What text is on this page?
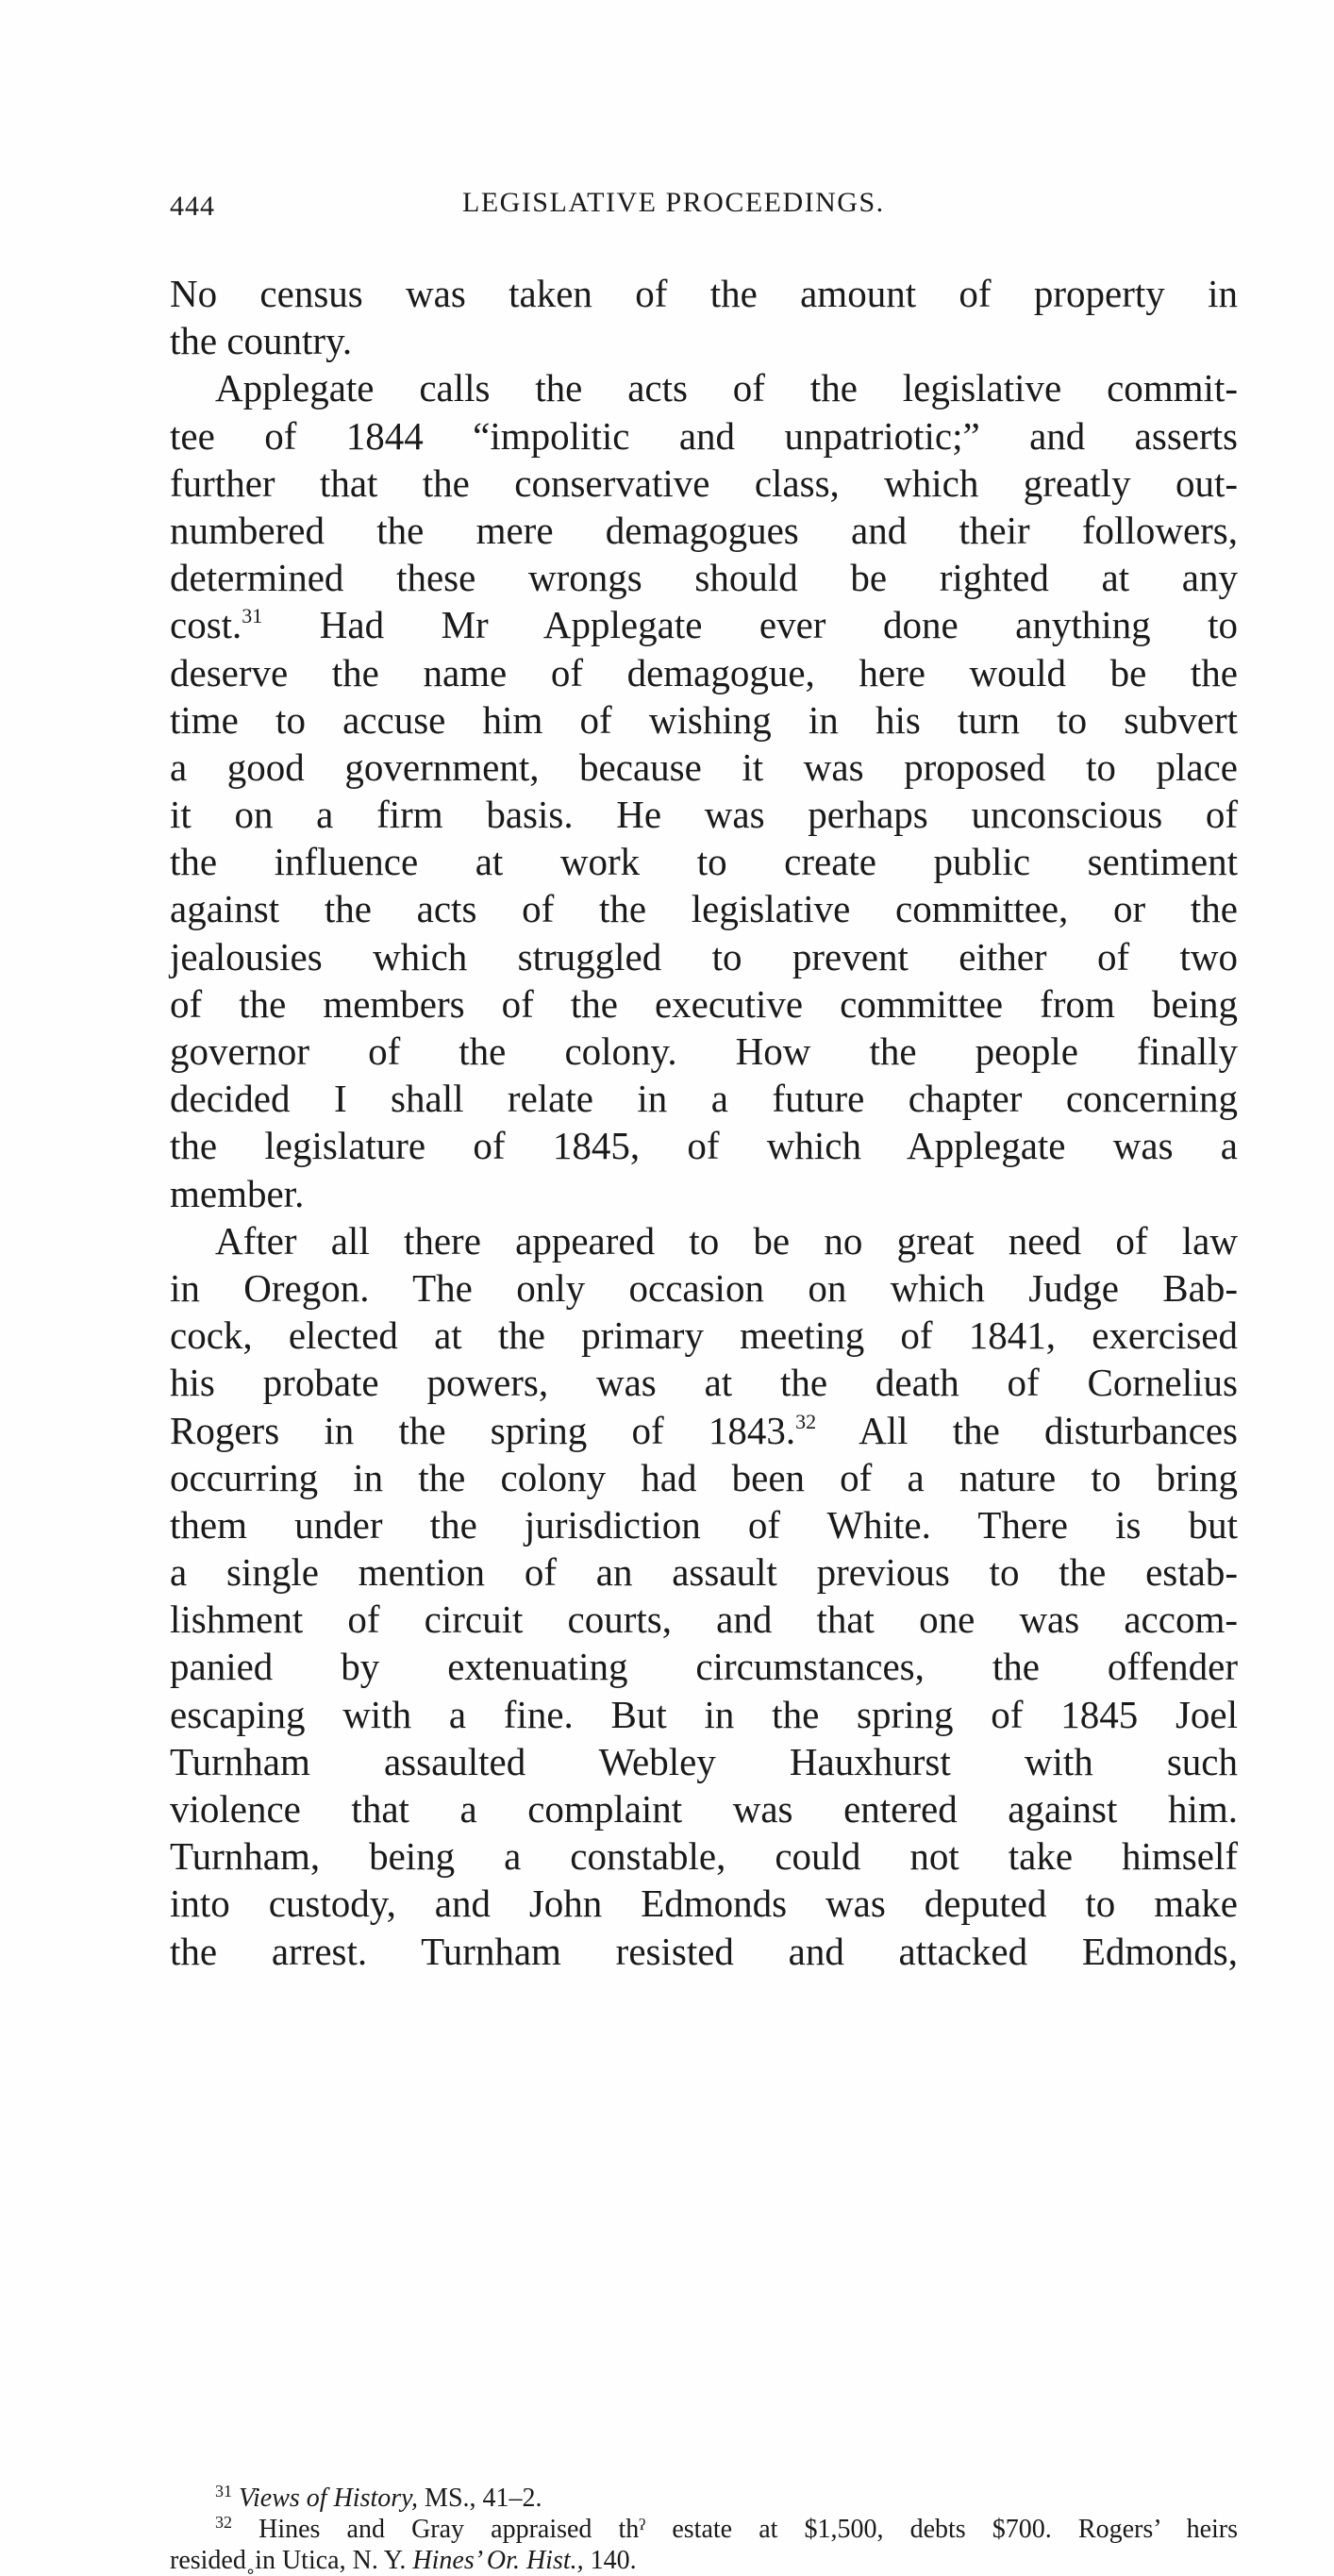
444	LEGISLATIVE PROCEEDINGS.
No census was taken of the amount of property in
the country.
Applegate calls the acts of the legislative commit-
tee of 1844 “impolitic and unpatriotic;” and asserts
further that the conservative class, which greatly out-
numbered the mere demagogues and their followers,
determined these wrongs should be righted at any
cost.$^{31}$ Had Mr Applegate ever done anything to
deserve the name of demagogue, here would be the
time to accuse him of wishing in his turn to subvert
a good government, because it was proposed to place
it on a firm basis. He was perhaps unconscious of
the influence at work to create public sentiment
against the acts of the legislative committee, or the
jealousies which struggled to prevent either of two
of the members of the executive committee from being
governor of the colony. How the people finally
decided I shall relate in a future chapter concerning
the legislature of 1845, of which Applegate was a
member.
After all there appeared to be no great need of law
in Oregon. The only occasion on which Judge Bab-
cock, elected at the primary meeting of 1841, exercised
his probate powers, was at the death of Cornelius
Rogers in the spring of 1843.32 All the disturbances
occurring in the colony had been of a nature to bring
them under the jurisdiction of White. There is but
a single mention of an assault previous to the estab-
lishment of circuit courts, and that one was accom-
panied by extenuating circumstances, the offender
escaping with a fine. But in the spring of 1845 Joel
Turnham assaulted Webley Hauxhurst with such
violence that a complaint was entered against him.
Turnham, being a constable, could not take himself
into custody, and John Edmonds was deputed to make
the arrest. Turnham resisted and attacked Edmonds,
$^{31}$ Views of History, MS., 41–2.
$^{32}$ Hines and Gray appraised thˀ estate at $1,500, debts $700. Rogers’ heirs
resided˳in Utica, N. Y. Hines’ Or. Hist., 140.
